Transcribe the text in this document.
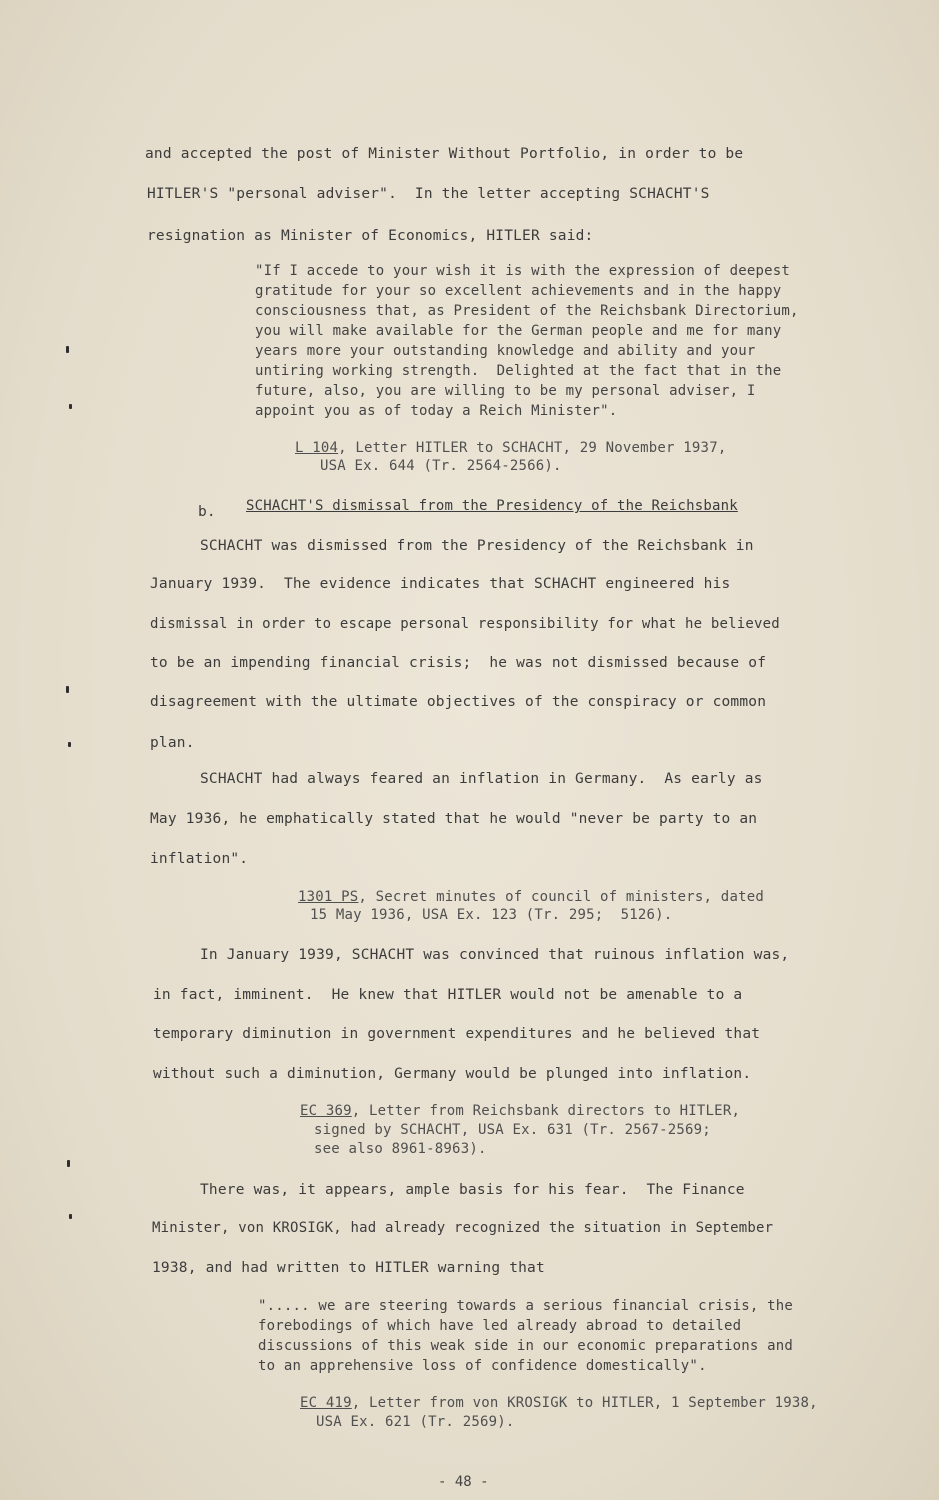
and accepted the post of Minister Without Portfolio, in order to be
HITLER'S "personal adviser".  In the letter accepting SCHACHT'S
resignation as Minister of Economics, HITLER said:
"If I accede to your wish it is with the expression of deepest
gratitude for your so excellent achievements and in the happy
consciousness that, as President of the Reichsbank Directorium,
you will make available for the German people and me for many
years more your outstanding knowledge and ability and your
untiring working strength.  Delighted at the fact that in the
future, also, you are willing to be my personal adviser, I
appoint you as of today a Reich Minister".
L 104, Letter HITLER to SCHACHT, 29 November 1937,
USA Ex. 644 (Tr. 2564-2566).
b. SCHACHT'S dismissal from the Presidency of the Reichsbank
SCHACHT was dismissed from the Presidency of the Reichsbank in
January 1939.  The evidence indicates that SCHACHT engineered his
dismissal in order to escape personal responsibility for what he believed
to be an impending financial crisis;  he was not dismissed because of
disagreement with the ultimate objectives of the conspiracy or common
plan.
SCHACHT had always feared an inflation in Germany.  As early as
May 1936, he emphatically stated that he would "never be party to an
inflation".
1301 PS, Secret minutes of council of ministers, dated
15 May 1936, USA Ex. 123 (Tr. 295;  5126).
In January 1939, SCHACHT was convinced that ruinous inflation was,
in fact, imminent.  He knew that HITLER would not be amenable to a
temporary diminution in government expenditures and he believed that
without such a diminution, Germany would be plunged into inflation.
EC 369, Letter from Reichsbank directors to HITLER,
signed by SCHACHT, USA Ex. 631 (Tr. 2567-2569;
see also 8961-8963).
There was, it appears, ample basis for his fear.  The Finance
Minister, von KROSIGK, had already recognized the situation in September
1938, and had written to HITLER warning that
"..... we are steering towards a serious financial crisis, the
forebodings of which have led already abroad to detailed
discussions of this weak side in our economic preparations and
to an apprehensive loss of confidence domestically".
EC 419, Letter from von KROSIGK to HITLER, 1 September 1938,
USA Ex. 621 (Tr. 2569).
- 48 -
